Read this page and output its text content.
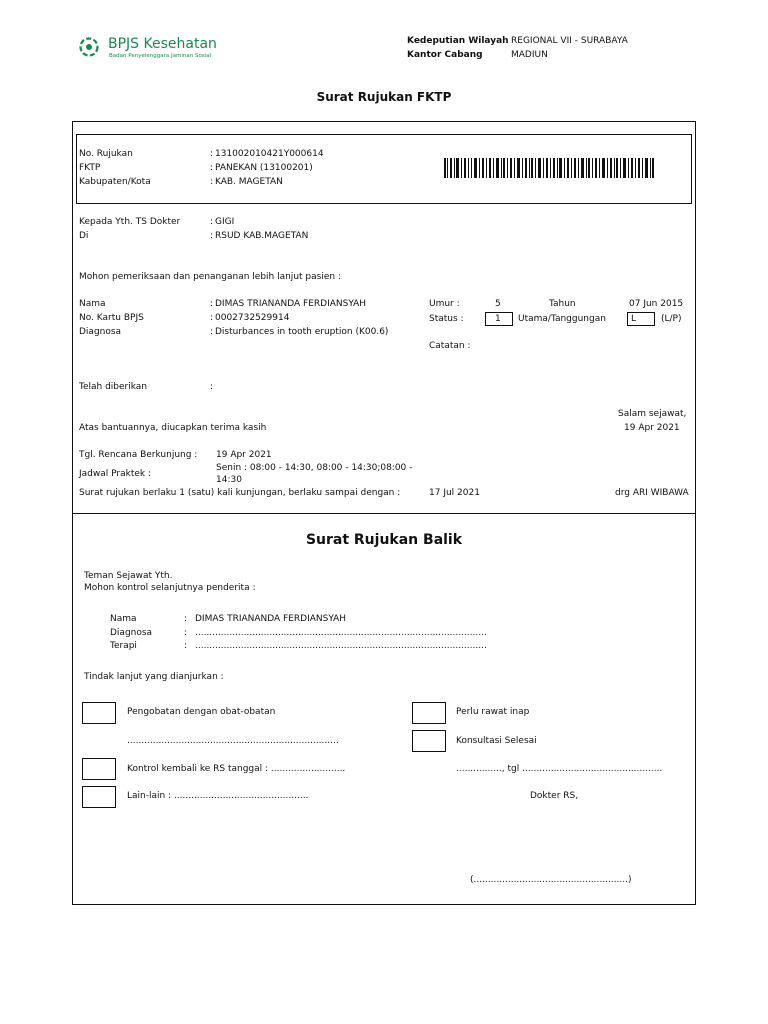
BPJS Kesehatan
Badan Penyelenggara Jaminan Sosial
Kedeputian Wilayah REGIONAL VII - SURABAYA
Kantor Cabang	MADIUN
Surat Rujukan FKTP
No. Rujukan	: 131002010421Y000614
FKTP	: PANEKAN (13100201)
Kabupaten/Kota	: KAB. MAGETAN
Kepada Yth. TS Dokter	: GIGI
Di	: RSUD KAB.MAGETAN
Mohon pemeriksaan dan penanganan lebih lanjut pasien :
Nama	: DIMAS TRIANANDA FERDIANSYAH
No. Kartu BPJS	: 0002732529914
Diagnosa	: Disturbances in tooth eruption (K00.6)
Umur :	5	Tahun	07 Jun 2015
Status :	1 Utama/Tanggungan	L	(L/P)
Catatan :
Telah diberikan	:
Salam sejawat,
19 Apr 2021
Atas bantuannya, diucapkan terima kasih
Tgl. Rencana Berkunjung : 19 Apr 2021
Jadwal Praktek :
Senin : 08:00 - 14:30, 08:00 - 14:30;08:00 -
14:30
Surat rujukan berlaku 1 (satu) kali kunjungan, berlaku sampai dengan :	17 Jul 2021	drg ARI WIBAWA
Surat Rujukan Balik
Teman Sejawat Yth.
Mohon kontrol selanjutnya penderita :
Nama	: DIMAS TRIANANDA FERDIANSYAH
Diagnosa	: ......................................................................................................
Terapi	: ......................................................................................................
Tindak lanjut yang dianjurkan :
Pengobatan dengan obat-obatan
..........................................................................
Perlu rawat inap
Konsultasi Selesai
Kontrol kembali ke RS tanggal : ..........................	................, tgl .................................................
Lain-lain : ...............................................	Dokter RS,
(......................................................)
